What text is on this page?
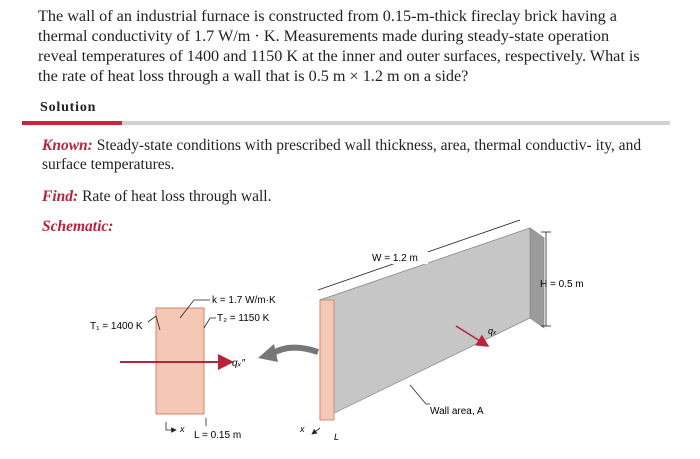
The wall of an industrial furnace is constructed from 0.15-m-thick fireclay brick having a thermal conductivity of 1.7 W/m · K. Measurements made during steady-state operation reveal temperatures of 1400 and 1150 K at the inner and outer surfaces, respectively. What is the rate of heat loss through a wall that is 0.5 m × 1.2 m on a side?
Solution
Known: Steady-state conditions with prescribed wall thickness, area, thermal conductiv- ity, and surface temperatures.
Find: Rate of heat loss through wall.
Schematic:
k = 1.7 W/m·K
T₂ = 1150 K
T₁ = 1400 K
qₓ″
x
L = 0.15 m
W = 1.2 m
H = 0.5 m
qₓ
Wall area, A
L
x
